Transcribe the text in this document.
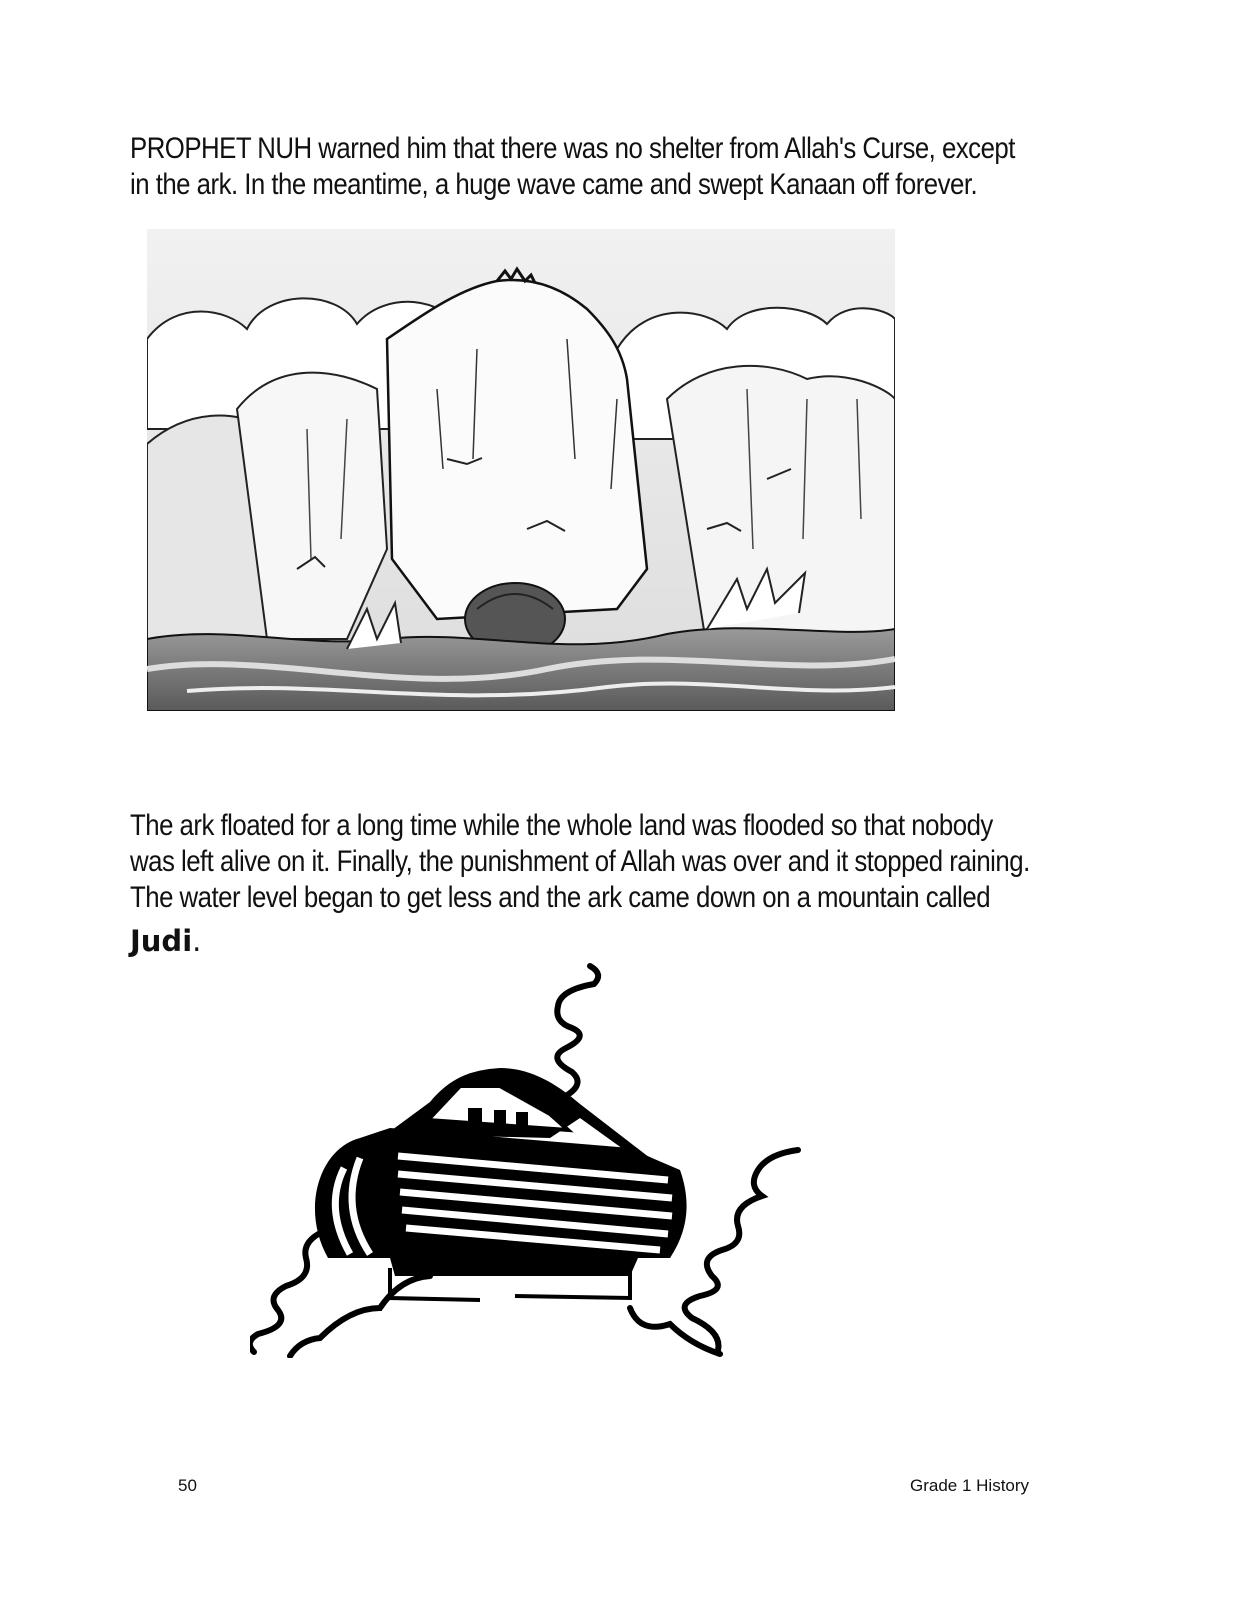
PROPHET NUH warned him that there was no shelter from Allah's Curse, except
in the ark. In the meantime, a huge wave came and swept Kanaan off forever.
The ark floated for a long time while the whole land was flooded so that nobody
was left alive on it. Finally, the punishment of Allah was over and it stopped raining.
The water level began to get less and the ark came down on a mountain called
Judi.
50	Grade 1 History
